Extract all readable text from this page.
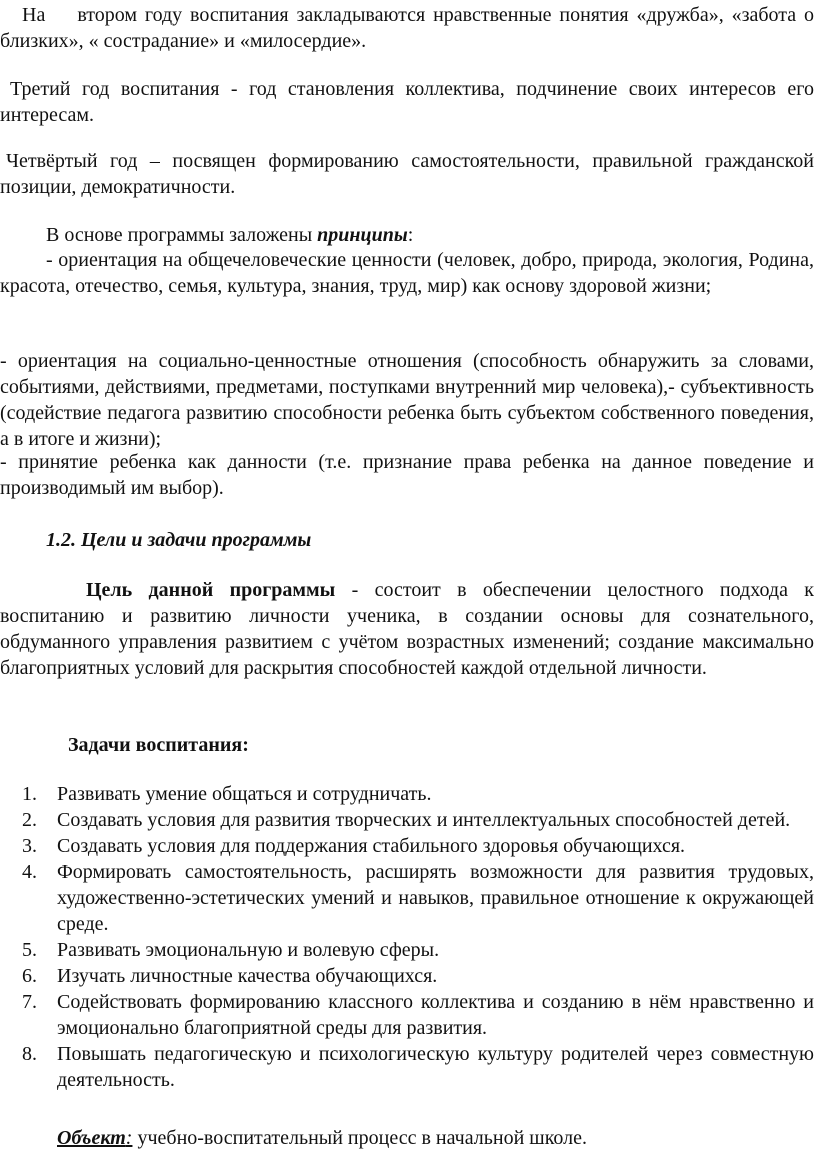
На втором году воспитания закладываются нравственные понятия «дружба», «забота о близких», « сострадание» и «милосердие».

Третий год воспитания - год становления коллектива, подчинение своих интересов его интересам.

Четвёртый год – посвящен формированию самостоятельности, правильной гражданской позиции, демократичности.

В основе программы заложены принципы:

- ориентация на общечеловеческие ценности (человек, добро, природа, экология, Родина, красота, отечество, семья, культура, знания, труд, мир) как основу здоровой жизни;

- ориентация на социально-ценностные отношения (способность обнаружить за словами, событиями, действиями, предметами, поступками внутренний мир человека),- субъективность (содействие педагога развитию способности ребенка быть субъектом собственного поведения, а в итоге и жизни);

- принятие ребенка как данности (т.е. признание права ребенка на данное поведение и производимый им выбор).

1.2. Цели и задачи программы

Цель данной программы - состоит в обеспечении целостного подхода к воспитанию и развитию личности ученика, в создании основы для сознательного, обдуманного управления развитием с учётом возрастных изменений; создание максимально благоприятных условий для раскрытия способностей каждой отдельной личности.

Задачи воспитания:

1. Развивать умение общаться и сотрудничать.
2. Создавать условия для развития творческих и интеллектуальных способностей детей.
3. Создавать условия для поддержания стабильного здоровья обучающихся.
4. Формировать самостоятельность, расширять возможности для развития трудовых, художественно-эстетических умений и навыков, правильное отношение к окружающей среде.
5. Развивать эмоциональную и волевую сферы.
6. Изучать личностные качества обучающихся.
7. Содействовать формированию классного коллектива и созданию в нём нравственно и эмоционально благоприятной среды для развития.
8. Повышать педагогическую и психологическую культуру родителей через совместную деятельность.

Объект: учебно-воспитательный процесс в начальной школе.
